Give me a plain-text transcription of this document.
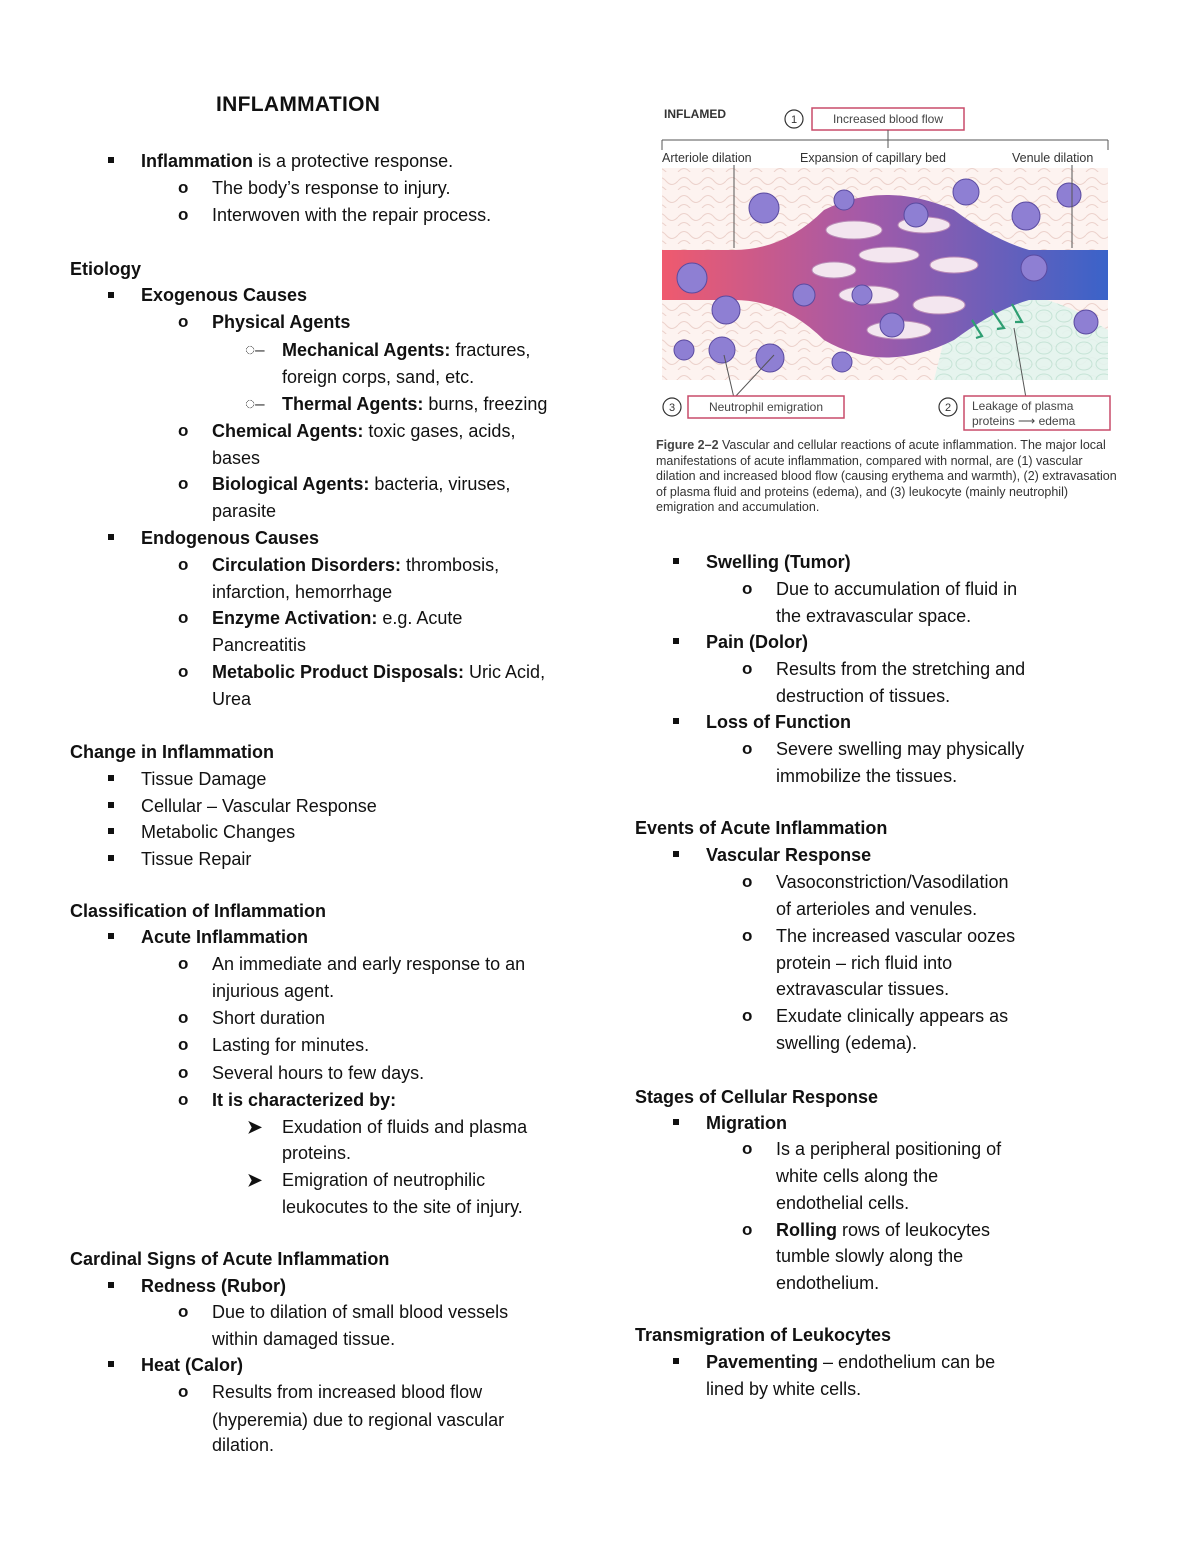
INFLAMMATION
Inflammation is a protective response.
o The body’s response to injury.
o Interwoven with the repair process.
Etiology
Exogenous Causes
o Physical Agents
◌– Mechanical Agents: fractures,
foreign corps, sand, etc.
◌– Thermal Agents: burns, freezing
o Chemical Agents: toxic gases, acids,
bases
o Biological Agents: bacteria, viruses,
parasite
Endogenous Causes
o Circulation Disorders: thrombosis,
infarction, hemorrhage
o Enzyme Activation: e.g. Acute
Pancreatitis
o Metabolic Product Disposals: Uric Acid,
Urea
Change in Inflammation
Tissue Damage
Cellular – Vascular Response
Metabolic Changes
Tissue Repair
Classification of Inflammation
Acute Inflammation
o An immediate and early response to an
injurious agent.
o Short duration
o Lasting for minutes.
o Several hours to few days.
o It is characterized by:
➤ Exudation of fluids and plasma
proteins.
➤ Emigration of neutrophilic
leukocutes to the site of injury.
Cardinal Signs of Acute Inflammation
Redness (Rubor)
o Due to dilation of small blood vessels
within damaged tissue.
Heat (Calor)
o Results from increased blood flow
(hyperemia) due to regional vascular
dilation.
INFLAMED	1	Increased blood flow
Arteriole dilation	Expansion of capillary bed	Venule dilation
3	Neutrophil emigration	2 Leakage of plasma
proteins ⟶ edema
Figure 2–2 Vascular and cellular reactions of acute inflammation. The major local manifestations of acute inflammation, compared with normal, are (1) vascular dilation and increased blood flow (causing erythema and warmth), (2) extravasation of plasma fluid and proteins (edema), and (3) leukocyte (mainly neutrophil) emigration and accumulation.
Swelling (Tumor)
o Due to accumulation of fluid in
the extravascular space.
Pain (Dolor)
o Results from the stretching and
destruction of tissues.
Loss of Function
o Severe swelling may physically
immobilize the tissues.
Events of Acute Inflammation
Vascular Response
o Vasoconstriction/Vasodilation
of arterioles and venules.
o The increased vascular oozes
protein – rich fluid into
extravascular tissues.
o Exudate clinically appears as
swelling (edema).
Stages of Cellular Response
Migration
o Is a peripheral positioning of
white cells along the
endothelial cells.
o Rolling rows of leukocytes
tumble slowly along the
endothelium.
Transmigration of Leukocytes
Pavementing – endothelium can be
lined by white cells.
